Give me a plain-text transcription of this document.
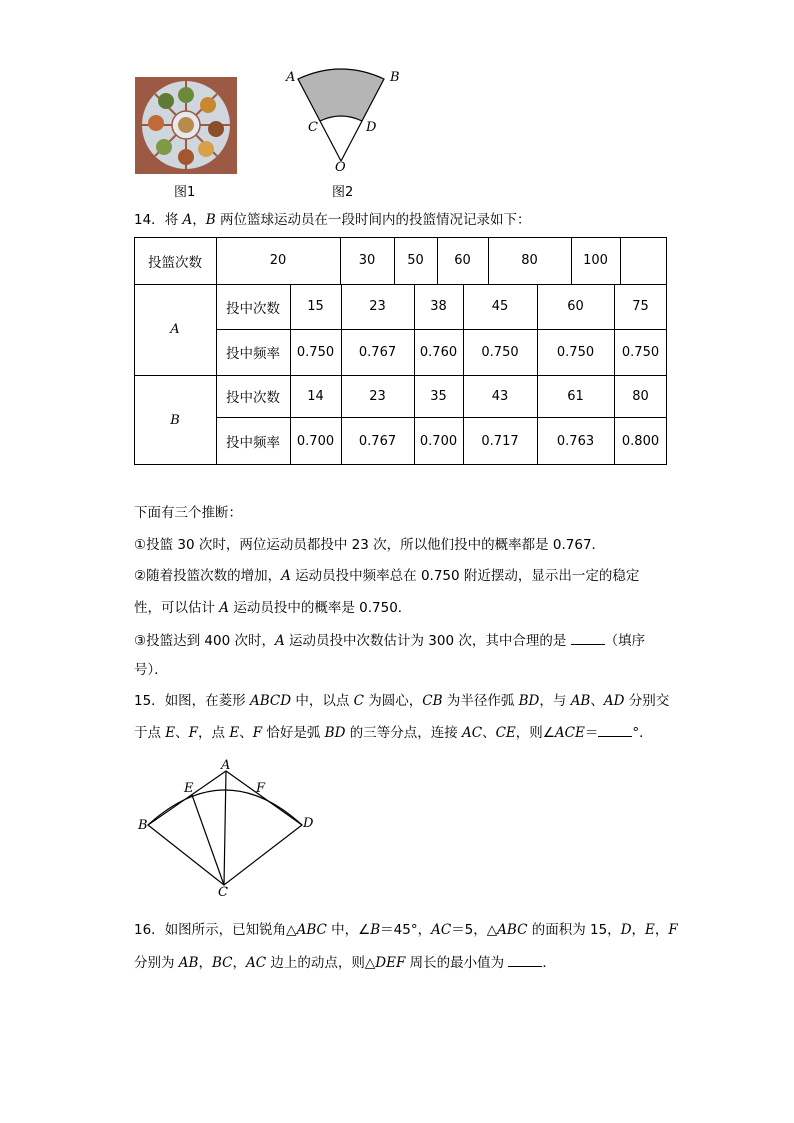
图1
A	B
C	D
O
图2
14．将 A，B 两位篮球运动员在一段时间内的投篮情况记录如下：
投篮次数	20	30	50	60	80	100
A
投中次数	15	23	38	45	60	75
投中频率	0.750	0.767	0.760	0.750	0.750	0.750
B
投中次数	14	23	35	43	61	80
投中频率	0.700	0.767	0.700	0.717	0.763	0.800
下面有三个推断：
①投篮 30 次时，两位运动员都投中 23 次，所以他们投中的概率都是 0.767．
②随着投篮次数的增加，A 运动员投中频率总在 0.750 附近摆动，显示出一定的稳定
性，可以估计 A 运动员投中的概率是 0.750．
③投篮达到 400 次时，A 运动员投中次数估计为 300 次，其中合理的是	（填序
号）．
15．如图，在菱形 ABCD 中，以点 C 为圆心，CB 为半径作弧 BD，与 AB、AD 分别交
于点 E、F，点 E、F 恰好是弧 BD 的三等分点，连接 AC、CE，则∠ACE＝	°．
A
B
C
D
E	F
16．如图所示，已知锐角△ABC 中，∠B＝45°，AC＝5，△ABC 的面积为 15，D，E，F
分别为 AB，BC，AC 边上的动点，则△DEF 周长的最小值为	．
